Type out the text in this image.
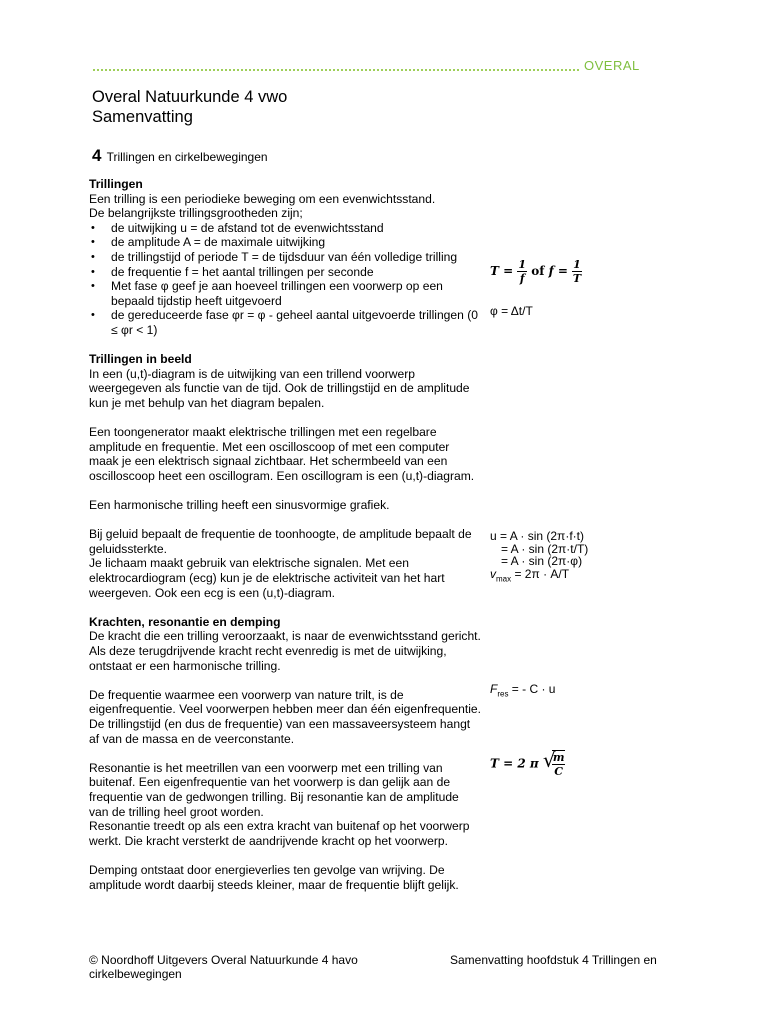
OVERAL
Overal Natuurkunde 4 vwo
Samenvatting
4 Trillingen en cirkelbewegingen
Trillingen

Een trilling is een periodieke beweging om een evenwichtsstand.

De belangrijkste trillingsgrootheden zijn;

• de uitwijking u = de afstand tot de evenwichtsstand
• de amplitude A = de maximale uitwijking
• de trillingstijd of periode T = de tijdsduur van één volledige trilling
• de frequentie f = het aantal trillingen per seconde
• Met fase φ geef je aan hoeveel trillingen een voorwerp op een bepaald tijdstip heeft uitgevoerd
• de gereduceerde fase φr = φ - geheel aantal uitgevoerde trillingen (0 ≤ φr < 1)
Trillingen in beeld

In een (u,t)-diagram is de uitwijking van een trillend voorwerp weergegeven als functie van de tijd. Ook de trillingstijd en de amplitude kun je met behulp van het diagram bepalen.

Een toongenerator maakt elektrische trillingen met een regelbare amplitude en frequentie. Met een oscilloscoop of met een computer maak je een elektrisch signaal zichtbaar. Het schermbeeld van een oscilloscoop heet een oscillogram. Een oscillogram is een (u,t)-diagram.

Een harmonische trilling heeft een sinusvormige grafiek.

Bij geluid bepaalt de frequentie de toonhoogte, de amplitude bepaalt de geluidssterkte.

Je lichaam maakt gebruik van elektrische signalen. Met een elektrocardiogram (ecg) kun je de elektrische activiteit van het hart weergeven. Ook een ecg is een (u,t)-diagram.

Krachten, resonantie en demping

De kracht die een trilling veroorzaakt, is naar de evenwichtsstand gericht. Als deze terugdrijvende kracht recht evenredig is met de uitwijking, ontstaat er een harmonische trilling.

De frequentie waarmee een voorwerp van nature trilt, is de eigenfrequentie. Veel voorwerpen hebben meer dan één eigenfrequentie.

De trillingstijd (en dus de frequentie) van een massaveersysteem hangt af van de massa en de veerconstante.

Resonantie is het meetrillen van een voorwerp met een trilling van buitenaf. Een eigenfrequentie van het voorwerp is dan gelijk aan de frequentie van de gedwongen trilling. Bij resonantie kan de amplitude van de trilling heel groot worden.

Resonantie treedt op als een extra kracht van buitenaf op het voorwerp werkt. Die kracht versterkt de aandrijvende kracht op het voorwerp.

Demping ontstaat door energieverlies ten gevolge van wrijving. De amplitude wordt daarbij steeds kleiner, maar de frequentie blijft gelijk.

$T = \frac{1}{f}$ of $f = \frac{1}{T}$
φ = Δt/T
u = A · sin (2π·f·t)
= A · sin (2π·t/T)
= A · sin (2π·φ)
$v_{max} = 2\pi \cdot A/T$
$F_{res}$ = - C · u
T = 2 π √
$\frac{m}{C}$
© Noordhoff Uitgevers Overal Natuurkunde 4 havo cirkelbewegingen
Samenvatting hoofdstuk 4 Trillingen en
